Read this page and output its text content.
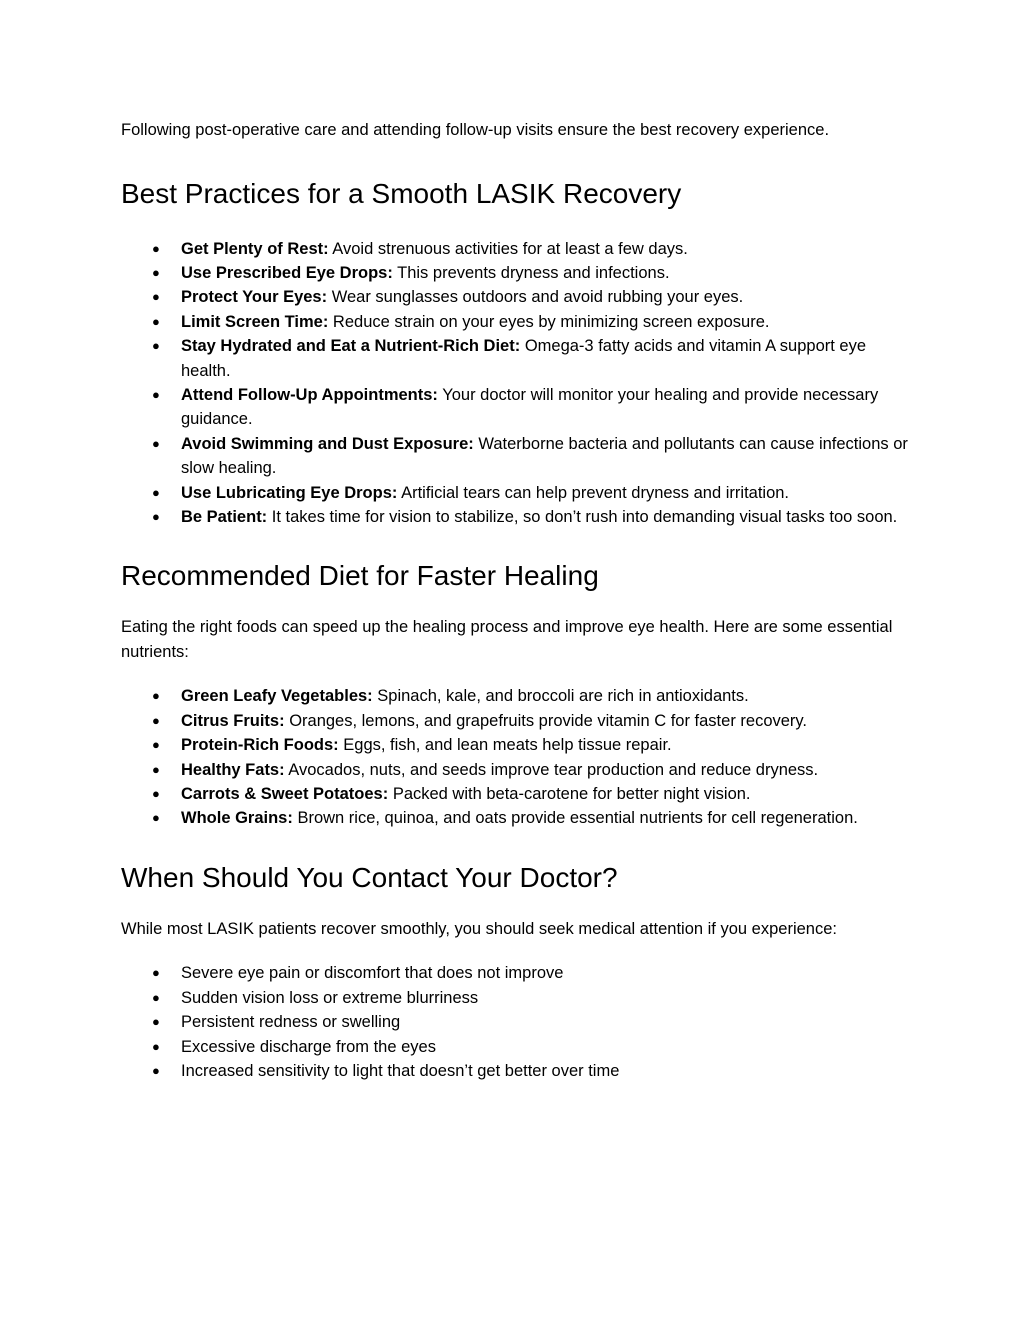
Following post-operative care and attending follow-up visits ensure the best recovery experience.

Best Practices for a Smooth LASIK Recovery
● Get Plenty of Rest: Avoid strenuous activities for at least a few days.
● Use Prescribed Eye Drops: This prevents dryness and infections.
● Protect Your Eyes: Wear sunglasses outdoors and avoid rubbing your eyes.
● Limit Screen Time: Reduce strain on your eyes by minimizing screen exposure.
● Stay Hydrated and Eat a Nutrient-Rich Diet: Omega-3 fatty acids and vitamin A support eye health.
● Attend Follow-Up Appointments: Your doctor will monitor your healing and provide necessary guidance.
● Avoid Swimming and Dust Exposure: Waterborne bacteria and pollutants can cause infections or slow healing.
● Use Lubricating Eye Drops: Artificial tears can help prevent dryness and irritation.
● Be Patient: It takes time for vision to stabilize, so don’t rush into demanding visual tasks too soon.
Recommended Diet for Faster Healing

Eating the right foods can speed up the healing process and improve eye health. Here are some essential nutrients:

● Green Leafy Vegetables: Spinach, kale, and broccoli are rich in antioxidants.
● Citrus Fruits: Oranges, lemons, and grapefruits provide vitamin C for faster recovery.
● Protein-Rich Foods: Eggs, fish, and lean meats help tissue repair.
● Healthy Fats: Avocados, nuts, and seeds improve tear production and reduce dryness.
● Carrots & Sweet Potatoes: Packed with beta-carotene for better night vision.
● Whole Grains: Brown rice, quinoa, and oats provide essential nutrients for cell regeneration.
When Should You Contact Your Doctor?

While most LASIK patients recover smoothly, you should seek medical attention if you experience:

● Severe eye pain or discomfort that does not improve
● Sudden vision loss or extreme blurriness
● Persistent redness or swelling
● Excessive discharge from the eyes
● Increased sensitivity to light that doesn’t get better over time
